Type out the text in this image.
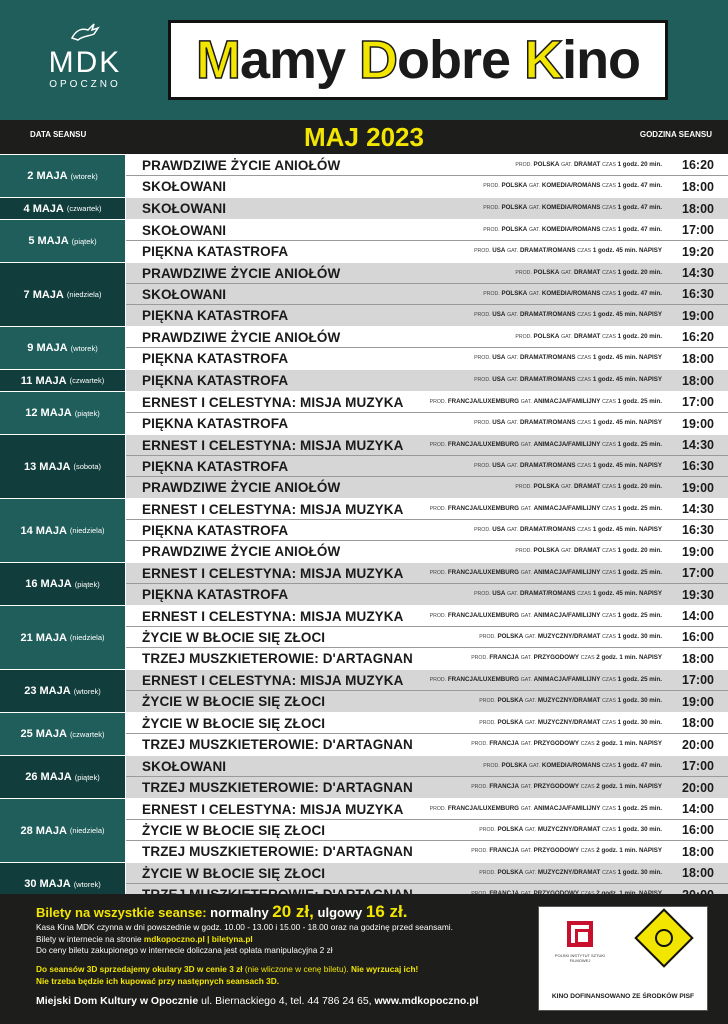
MDK
OPOCZNO	Mamy Dobre Kino
DATA SEANSU	MAJ 2023	GODZINA SEANSU
2 MAJA (wtorek)
PRAWDZIWE ŻYCIE ANIOŁÓW	PROD. POLSKA GAT. DRAMAT CZAS 1 godz. 20 min.	16:20
SKOŁOWANI	PROD. POLSKA GAT. KOMEDIA/ROMANS CZAS 1 godz. 47 min.	18:00
4 MAJA (czwartek)	SKOŁOWANI	PROD. POLSKA GAT. KOMEDIA/ROMANS CZAS 1 godz. 47 min.	18:00
5 MAJA (piątek)
SKOŁOWANI	PROD. POLSKA GAT. KOMEDIA/ROMANS CZAS 1 godz. 47 min.	17:00
PIĘKNA KATASTROFA	PROD. USA GAT. DRAMAT/ROMANS CZAS 1 godz. 45 min. NAPISY	19:20
7 MAJA (niedziela)
PRAWDZIWE ŻYCIE ANIOŁÓW	PROD. POLSKA GAT. DRAMAT CZAS 1 godz. 20 min.	14:30
SKOŁOWANI	PROD. POLSKA GAT. KOMEDIA/ROMANS CZAS 1 godz. 47 min.	16:30
PIĘKNA KATASTROFA	PROD. USA GAT. DRAMAT/ROMANS CZAS 1 godz. 45 min. NAPISY	19:00
9 MAJA (wtorek)
PRAWDZIWE ŻYCIE ANIOŁÓW	PROD. POLSKA GAT. DRAMAT CZAS 1 godz. 20 min.	16:20
PIĘKNA KATASTROFA	PROD. USA GAT. DRAMAT/ROMANS CZAS 1 godz. 45 min. NAPISY	18:00
11 MAJA (czwartek)	PIĘKNA KATASTROFA	PROD. USA GAT. DRAMAT/ROMANS CZAS 1 godz. 45 min. NAPISY	18:00
12 MAJA (piątek)
ERNEST I CELESTYNA: MISJA MUZYKA	PROD. FRANCJA/LUXEMBURG GAT. ANIMACJA/FAMILIJNY CZAS 1 godz. 25 min.	17:00
PIĘKNA KATASTROFA	PROD. USA GAT. DRAMAT/ROMANS CZAS 1 godz. 45 min. NAPISY	19:00
13 MAJA (sobota)
ERNEST I CELESTYNA: MISJA MUZYKA	PROD. FRANCJA/LUXEMBURG GAT. ANIMACJA/FAMILIJNY CZAS 1 godz. 25 min.	14:30
PIĘKNA KATASTROFA	PROD. USA GAT. DRAMAT/ROMANS CZAS 1 godz. 45 min. NAPISY	16:30
PRAWDZIWE ŻYCIE ANIOŁÓW	PROD. POLSKA GAT. DRAMAT CZAS 1 godz. 20 min.	19:00
14 MAJA (niedziela)
ERNEST I CELESTYNA: MISJA MUZYKA	PROD. FRANCJA/LUXEMBURG GAT. ANIMACJA/FAMILIJNY CZAS 1 godz. 25 min.	14:30
PIĘKNA KATASTROFA	PROD. USA GAT. DRAMAT/ROMANS CZAS 1 godz. 45 min. NAPISY	16:30
PRAWDZIWE ŻYCIE ANIOŁÓW	PROD. POLSKA GAT. DRAMAT CZAS 1 godz. 20 min.	19:00
16 MAJA (piątek)
ERNEST I CELESTYNA: MISJA MUZYKA	PROD. FRANCJA/LUXEMBURG GAT. ANIMACJA/FAMILIJNY CZAS 1 godz. 25 min.	17:00
PIĘKNA KATASTROFA	PROD. USA GAT. DRAMAT/ROMANS CZAS 1 godz. 45 min. NAPISY	19:30
21 MAJA (niedziela)
ERNEST I CELESTYNA: MISJA MUZYKA	PROD. FRANCJA/LUXEMBURG GAT. ANIMACJA/FAMILIJNY CZAS 1 godz. 25 min.	14:00
ŻYCIE W BŁOCIE SIĘ ZŁOCI	PROD. POLSKA GAT. MUZYCZNY/DRAMAT CZAS 1 godz. 30 min.	16:00
TRZEJ MUSZKIETEROWIE: D'ARTAGNAN	PROD. FRANCJA GAT. PRZYGODOWY CZAS 2 godz. 1 min. NAPISY	18:00
23 MAJA (wtorek)
ERNEST I CELESTYNA: MISJA MUZYKA	PROD. FRANCJA/LUXEMBURG GAT. ANIMACJA/FAMILIJNY CZAS 1 godz. 25 min.	17:00
ŻYCIE W BŁOCIE SIĘ ZŁOCI	PROD. POLSKA GAT. MUZYCZNY/DRAMAT CZAS 1 godz. 30 min.	19:00
25 MAJA (czwartek)
ŻYCIE W BŁOCIE SIĘ ZŁOCI	PROD. POLSKA GAT. MUZYCZNY/DRAMAT CZAS 1 godz. 30 min.	18:00
TRZEJ MUSZKIETEROWIE: D'ARTAGNAN	PROD. FRANCJA GAT. PRZYGODOWY CZAS 2 godz. 1 min. NAPISY	20:00
26 MAJA (piątek)
SKOŁOWANI	PROD. POLSKA GAT. KOMEDIA/ROMANS CZAS 1 godz. 47 min.	17:00
TRZEJ MUSZKIETEROWIE: D'ARTAGNAN	PROD. FRANCJA GAT. PRZYGODOWY CZAS 2 godz. 1 min. NAPISY	20:00
28 MAJA (niedziela)
ERNEST I CELESTYNA: MISJA MUZYKA	PROD. FRANCJA/LUXEMBURG GAT. ANIMACJA/FAMILIJNY CZAS 1 godz. 25 min.	14:00
ŻYCIE W BŁOCIE SIĘ ZŁOCI	PROD. POLSKA GAT. MUZYCZNY/DRAMAT CZAS 1 godz. 30 min.	16:00
TRZEJ MUSZKIETEROWIE: D'ARTAGNAN	PROD. FRANCJA GAT. PRZYGODOWY CZAS 2 godz. 1 min. NAPISY	18:00
30 MAJA (wtorek)
ŻYCIE W BŁOCIE SIĘ ZŁOCI	PROD. POLSKA GAT. MUZYCZNY/DRAMAT CZAS 1 godz. 30 min.	18:00
Bilety na wszystkie seanse: normalny 20 zł, ulgowy 16 zł.
Kasa Kina MDK czynna w dni powszednie w godz. 10.00 - 13.00 i 15.00 - 18.00 oraz na godzinę przed seansami.
Bilety w internecie na stronie mdkopoczno.pl | biletyna.pl
Do ceny biletu zakupionego w internecie doliczana jest opłata manipulacyjna 2 zł
Do seansów 3D sprzedajemy okulary 3D w cenie 3 zł (nie wliczone w cenę biletu). Nie wyrzucaj ich!
Nie trzeba będzie ich kupować przy następnych seansach 3D.
Miejski Dom Kultury w Opocznie ul. Biernackiego 4, tel. 44 786 24 65, www.mdkopoczno.pl
POLSKI INSTYTUT SZTUKI FILMOWEJ
KINO DOFINANSOWANO ZE ŚRODKÓW PISF
